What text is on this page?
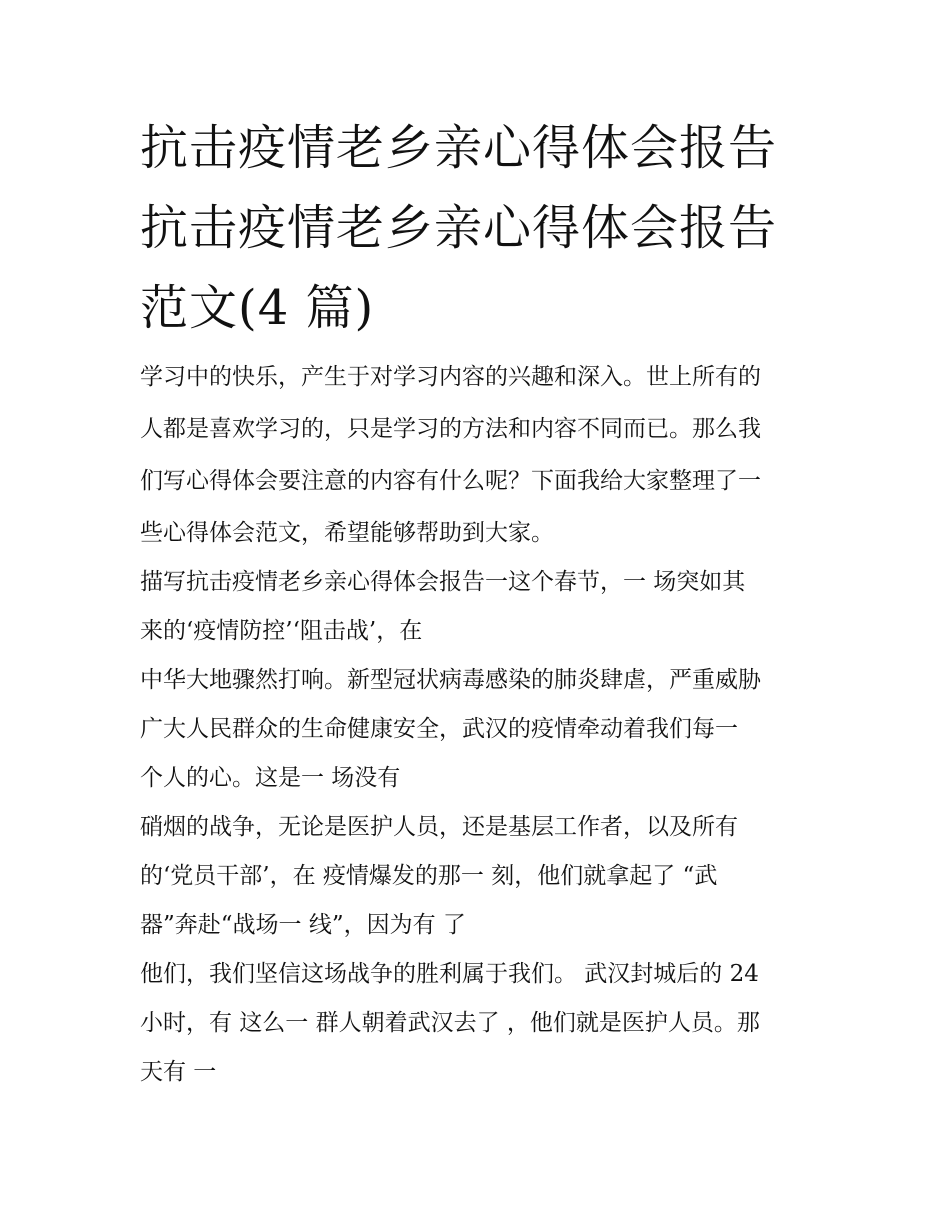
抗击疫情老乡亲心得体会报告
抗击疫情老乡亲心得体会报告
范文(4 篇)

学习中的快乐，产生于对学习内容的兴趣和深入。世上所有的

人都是喜欢学习的，只是学习的方法和内容不同而已。那么我

们写心得体会要注意的内容有什么呢？下面我给大家整理了一

些心得体会范文，希望能够帮助到大家。

描写抗击疫情老乡亲心得体会报告一这个春节，一 场突如其

来的‘疫情防控’‘阻击战’，在

中华大地骤然打响。新型冠状病毒感染的肺炎肆虐，严重威胁

广大人民群众的生命健康安全，武汉的疫情牵动着我们每一

个人的心。这是一 场没有

硝烟的战争，无论是医护人员，还是基层工作者，以及所有

的‘党员干部’，在 疫情爆发的那一 刻，他们就拿起了 “武

器”奔赴“战场一 线”，因为有 了

他们，我们坚信这场战争的胜利属于我们。 武汉封城后的 24

小时，有 这么一 群人朝着武汉去了 ，他们就是医护人员。那

天有 一
